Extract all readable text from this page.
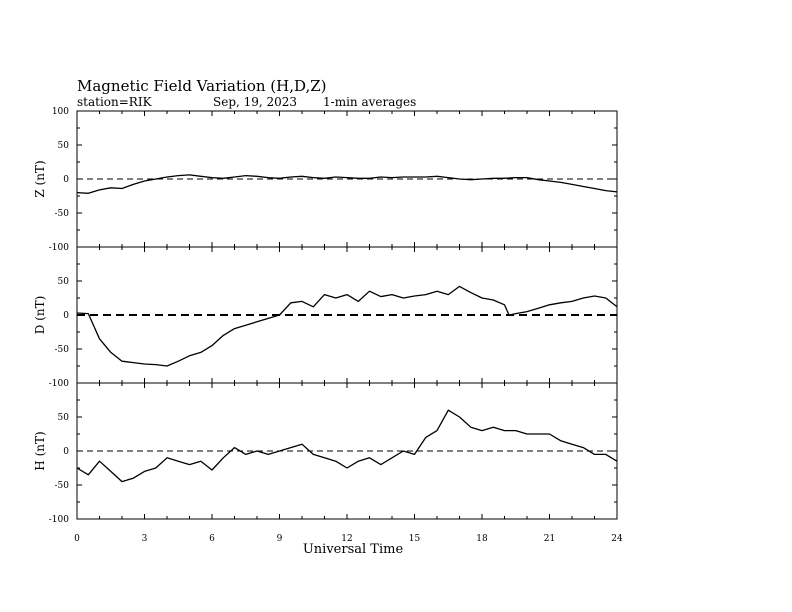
Magnetic Field Variation (H,D,Z)
station=RIK	Sep, 19, 2023 1-min averages
100
50
0
-50
-100
Z (nT)
50
0
-50
-100
D (nT)
50
0
-50
-100
H (nT)
0	3	6	9	12	15	18	21	24
Universal Time
